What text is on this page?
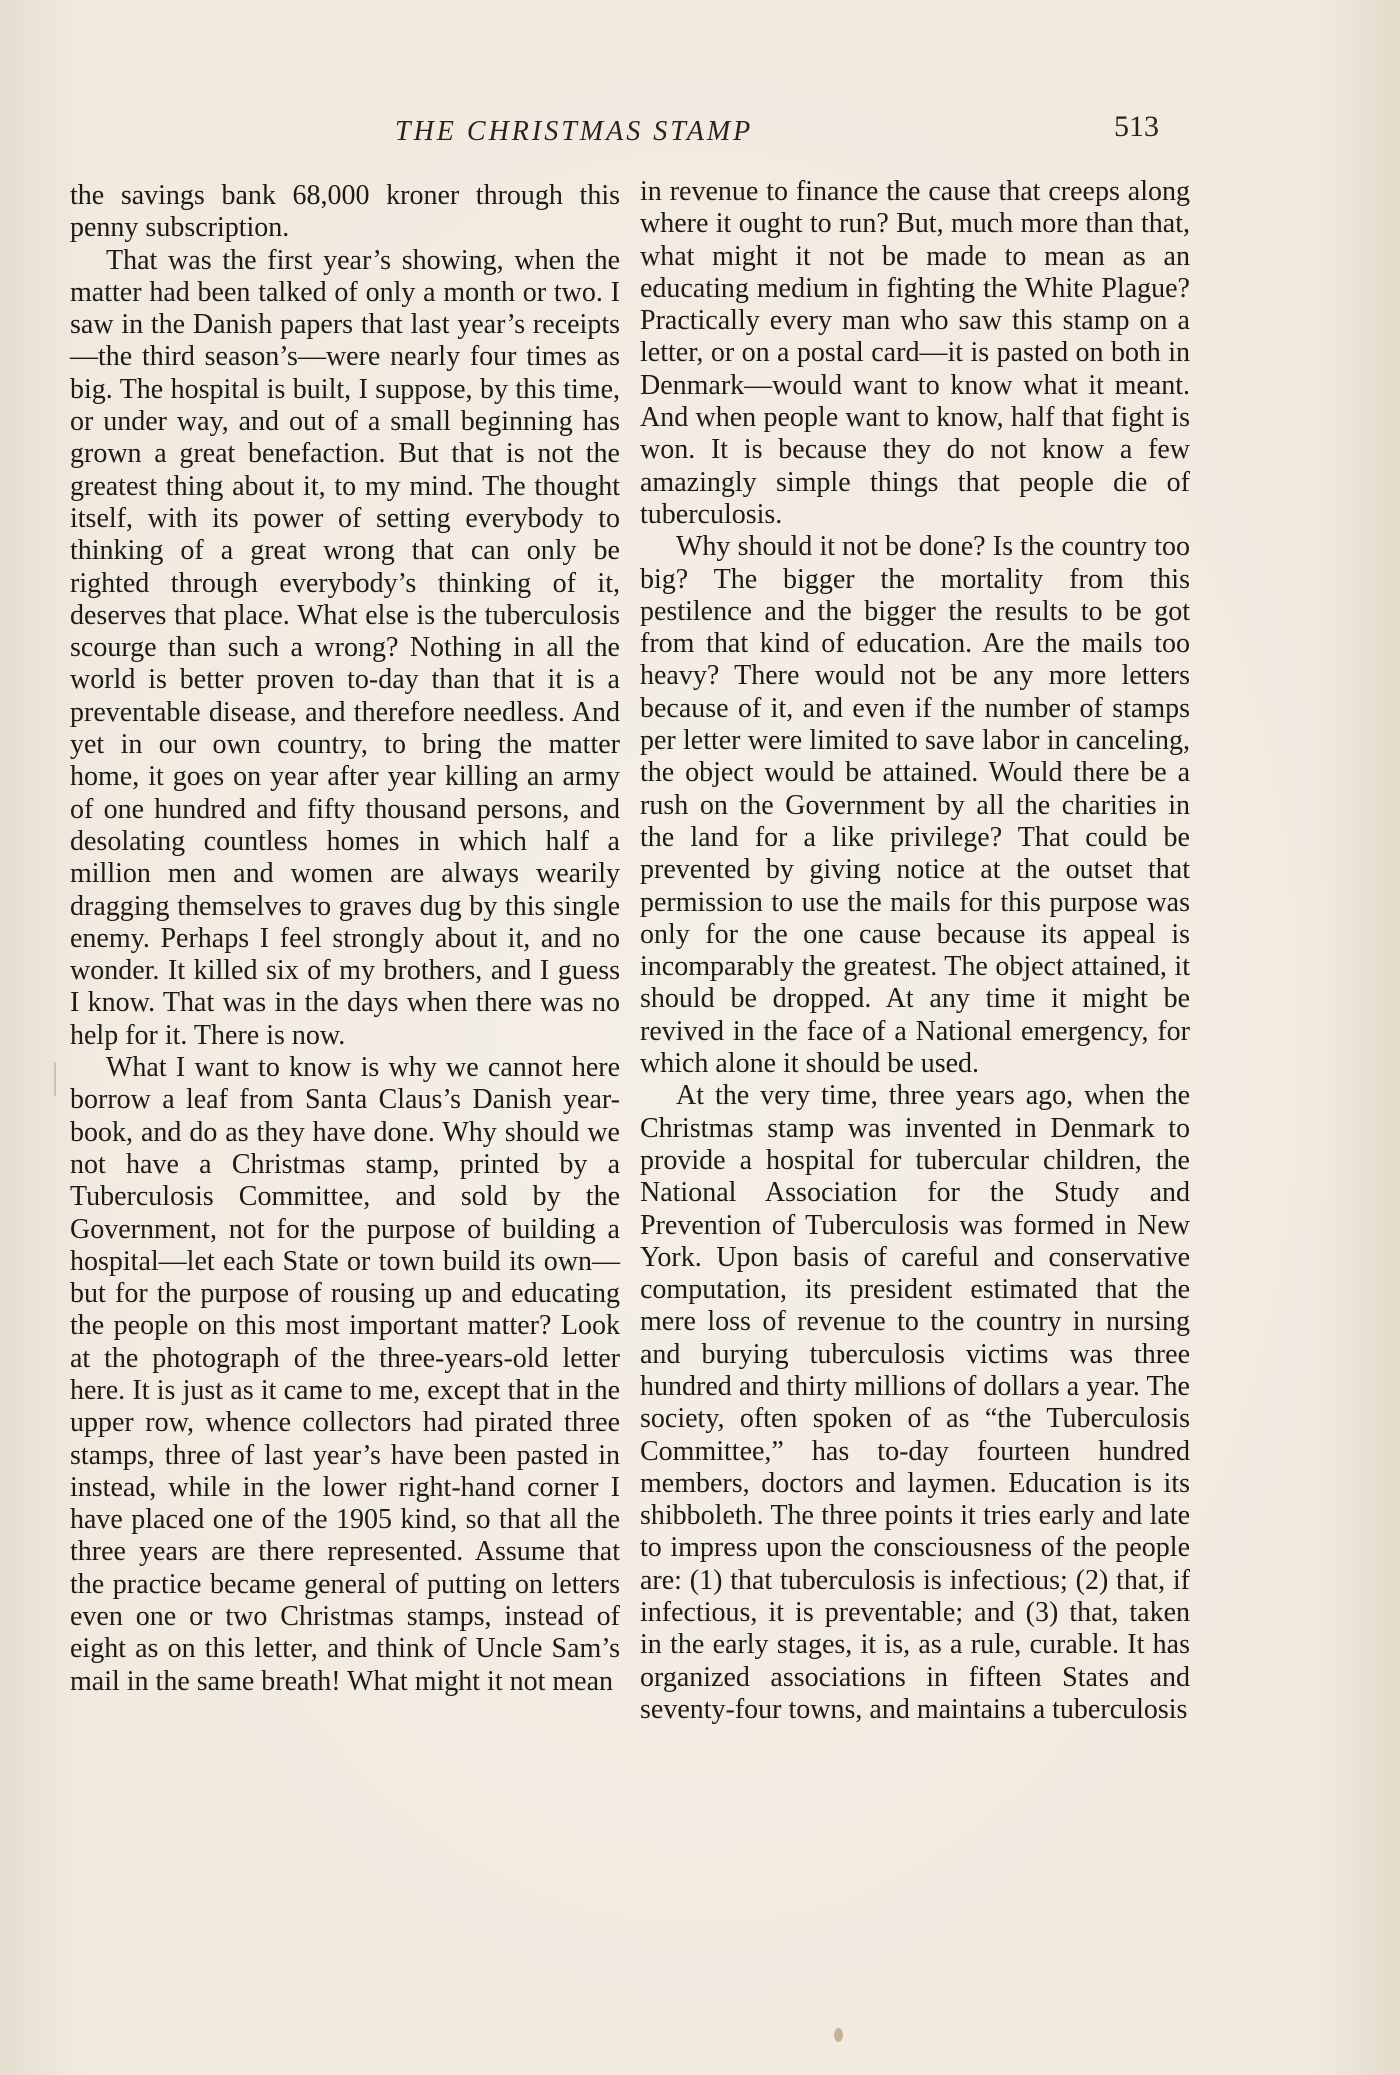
THE CHRISTMAS STAMP	513

the savings bank 68,000 kroner through this penny subscription.

That was the first year’s showing, when the matter had been talked of only a month or two. I saw in the Danish papers that last year’s receipts—the third season’s—were nearly four times as big. The hospital is built, I suppose, by this time, or under way, and out of a small beginning has grown a great benefaction. But that is not the greatest thing about it, to my mind. The thought itself, with its power of setting everybody to thinking of a great wrong that can only be righted through everybody’s thinking of it, deserves that place. What else is the tuberculosis scourge than such a wrong? Nothing in all the world is better proven to-day than that it is a preventable disease, and therefore needless. And yet in our own country, to bring the matter home, it goes on year after year killing an army of one hundred and fifty thousand persons, and desolating countless homes in which half a million men and women are always wearily dragging themselves to graves dug by this single enemy. Perhaps I feel strongly about it, and no wonder. It killed six of my brothers, and I guess I know. That was in the days when there was no help for it. There is now.

What I want to know is why we cannot here borrow a leaf from Santa Claus’s Danish year-book, and do as they have done. Why should we not have a Christmas stamp, printed by a Tuberculosis Committee, and sold by the Government, not for the purpose of building a hospital—let each State or town build its own—but for the purpose of rousing up and educating the people on this most important matter? Look at the photograph of the three-years-old letter here. It is just as it came to me, except that in the upper row, whence collectors had pirated three stamps, three of last year’s have been pasted in instead, while in the lower right-hand corner I have placed one of the 1905 kind, so that all the three years are there represented. Assume that the practice became general of putting on letters even one or two Christmas stamps, instead of eight as on this letter, and think of Uncle Sam’s mail in the same breath! What might it not mean

in revenue to finance the cause that creeps along where it ought to run? But, much more than that, what might it not be made to mean as an educating medium in fighting the White Plague? Practically every man who saw this stamp on a letter, or on a postal card—it is pasted on both in Denmark—would want to know what it meant. And when people want to know, half that fight is won. It is because they do not know a few amazingly simple things that people die of tuberculosis.

Why should it not be done? Is the country too big? The bigger the mortality from this pestilence and the bigger the results to be got from that kind of education. Are the mails too heavy? There would not be any more letters because of it, and even if the number of stamps per letter were limited to save labor in canceling, the object would be attained. Would there be a rush on the Government by all the charities in the land for a like privilege? That could be prevented by giving notice at the outset that permission to use the mails for this purpose was only for the one cause because its appeal is incomparably the greatest. The object attained, it should be dropped. At any time it might be revived in the face of a National emergency, for which alone it should be used.

At the very time, three years ago, when the Christmas stamp was invented in Denmark to provide a hospital for tubercular children, the National Association for the Study and Prevention of Tuberculosis was formed in New York. Upon basis of careful and conservative computation, its president estimated that the mere loss of revenue to the country in nursing and burying tuberculosis victims was three hundred and thirty millions of dollars a year. The society, often spoken of as “the Tuberculosis Committee,” has to-day fourteen hundred members, doctors and laymen. Education is its shibboleth. The three points it tries early and late to impress upon the consciousness of the people are: (1) that tuberculosis is infectious; (2) that, if infectious, it is preventable; and (3) that, taken in the early stages, it is, as a rule, curable. It has organized associations in fifteen States and seventy-four towns, and maintains a tuberculosis
